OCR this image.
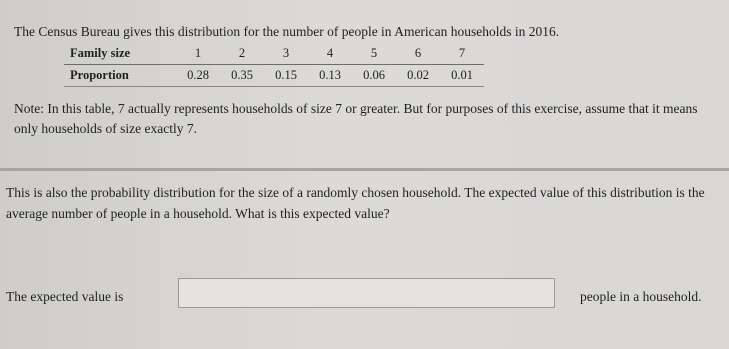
The Census Bureau gives this distribution for the number of people in American households in 2016.
Family size	1	2	3	4	5	6	7
Proportion	0.28	0.35	0.15	0.13	0.06	0.02	0.01
Note: In this table, 7 actually represents households of size 7 or greater. But for purposes of this exercise, assume that it means only households of size exactly 7.
This is also the probability distribution for the size of a randomly chosen household. The expected value of this distribution is the average number of people in a household. What is this expected value?
The expected value is	people in a household.
